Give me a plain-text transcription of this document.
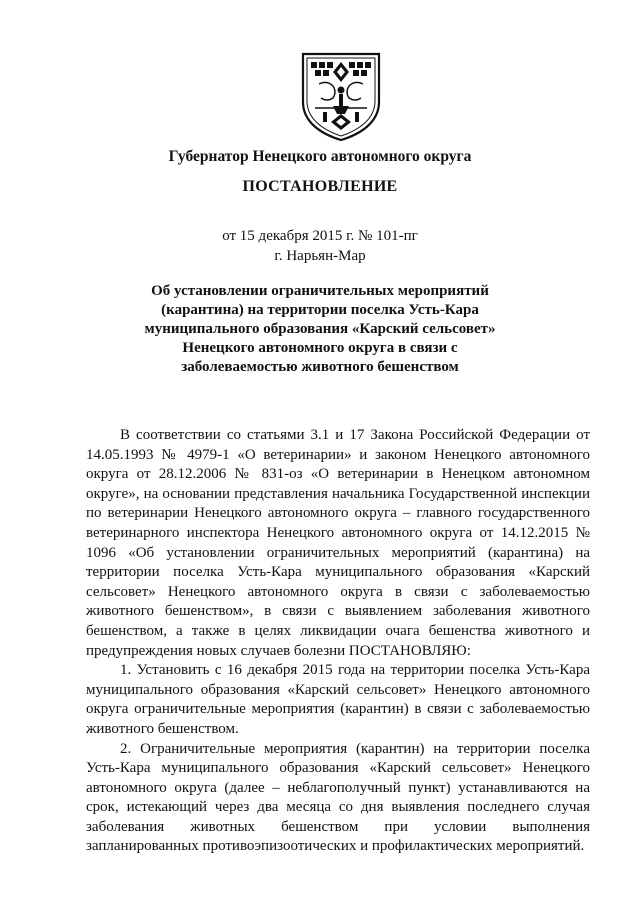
Губернатор Ненецкого автономного округа
ПОСТАНОВЛЕНИЕ
от 15 декабря 2015 г. № 101-пг
г. Нарьян-Мар
Об установлении ограничительных мероприятий
(карантина) на территории поселка Усть-Кара
муниципального образования «Карский сельсовет»
Ненецкого автономного округа в связи с
заболеваемостью животного бешенством

В соответствии со статьями 3.1 и 17 Закона Российской Федерации от 14.05.1993 № 4979-1 «О ветеринарии» и законом Ненецкого автономного округа от 28.12.2006 № 831-оз «О ветеринарии в Ненецком автономном округе», на основании представления начальника Государственной инспекции по ветеринарии Ненецкого автономного округа – главного государственного ветеринарного инспектора Ненецкого автономного округа от 14.12.2015 № 1096 «Об установлении ограничительных мероприятий (карантина) на территории поселка Усть-Кара муниципального образования «Карский сельсовет» Ненецкого автономного округа в связи с заболеваемостью животного бешенством», в связи с выявлением заболевания животного бешенством, а также в целях ликвидации очага бешенства животного и предупреждения новых случаев болезни ПОСТАНОВЛЯЮ:

1. Установить с 16 декабря 2015 года на территории поселка Усть-Кара муниципального образования «Карский сельсовет» Ненецкого автономного округа ограничительные мероприятия (карантин) в связи с заболеваемостью животного бешенством.

2. Ограничительные мероприятия (карантин) на территории поселка Усть-Кара муниципального образования «Карский сельсовет» Ненецкого автономного округа (далее – неблагополучный пункт) устанавливаются на срок, истекающий через два месяца со дня выявления последнего случая заболевания животных бешенством при условии выполнения запланированных противоэпизоотических и профилактических мероприятий.
